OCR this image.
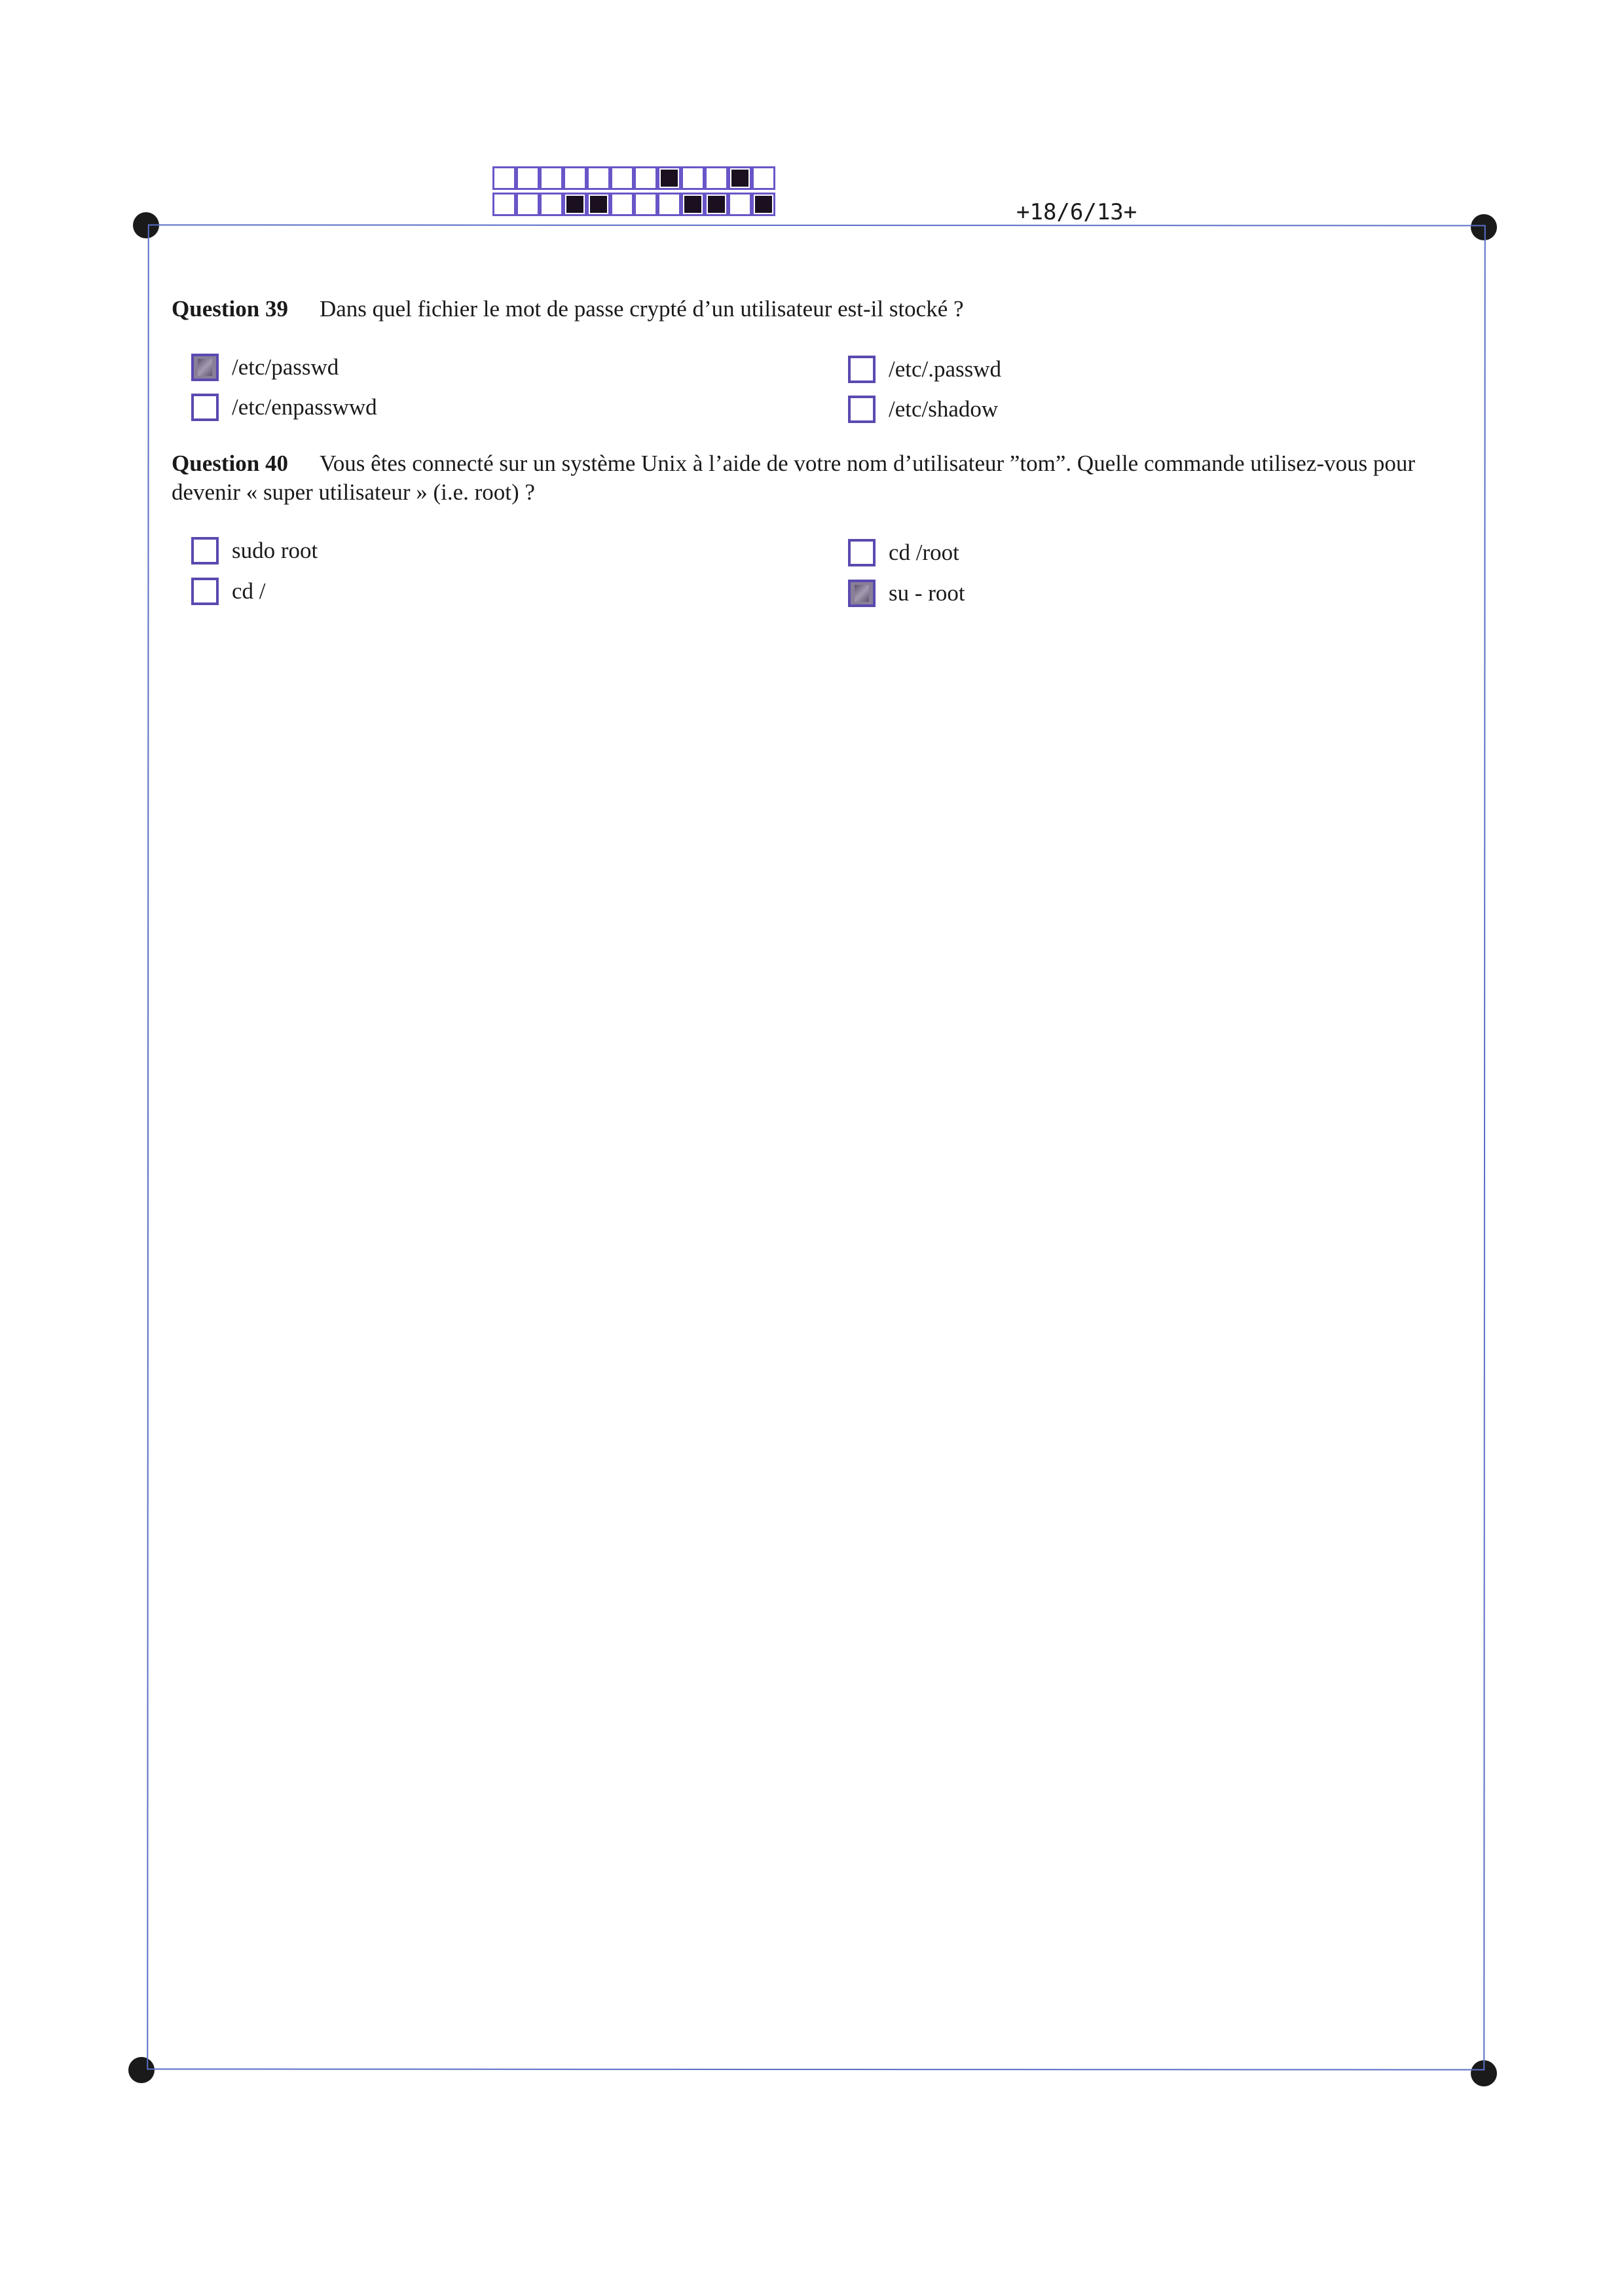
+18/6/13+
Question 39 Dans quel fichier le mot de passe crypté d’un utilisateur est-il stocké ?
/etc/passwd	/etc/.passwd
/etc/enpasswwd	/etc/shadow
Question 40 Vous êtes connecté sur un système Unix à l’aide de votre nom d’utilisateur ”tom”. Quelle commande utilisez-vous pour devenir « super utilisateur » (i.e. root) ?
sudo root	cd /root
cd /	su - root
